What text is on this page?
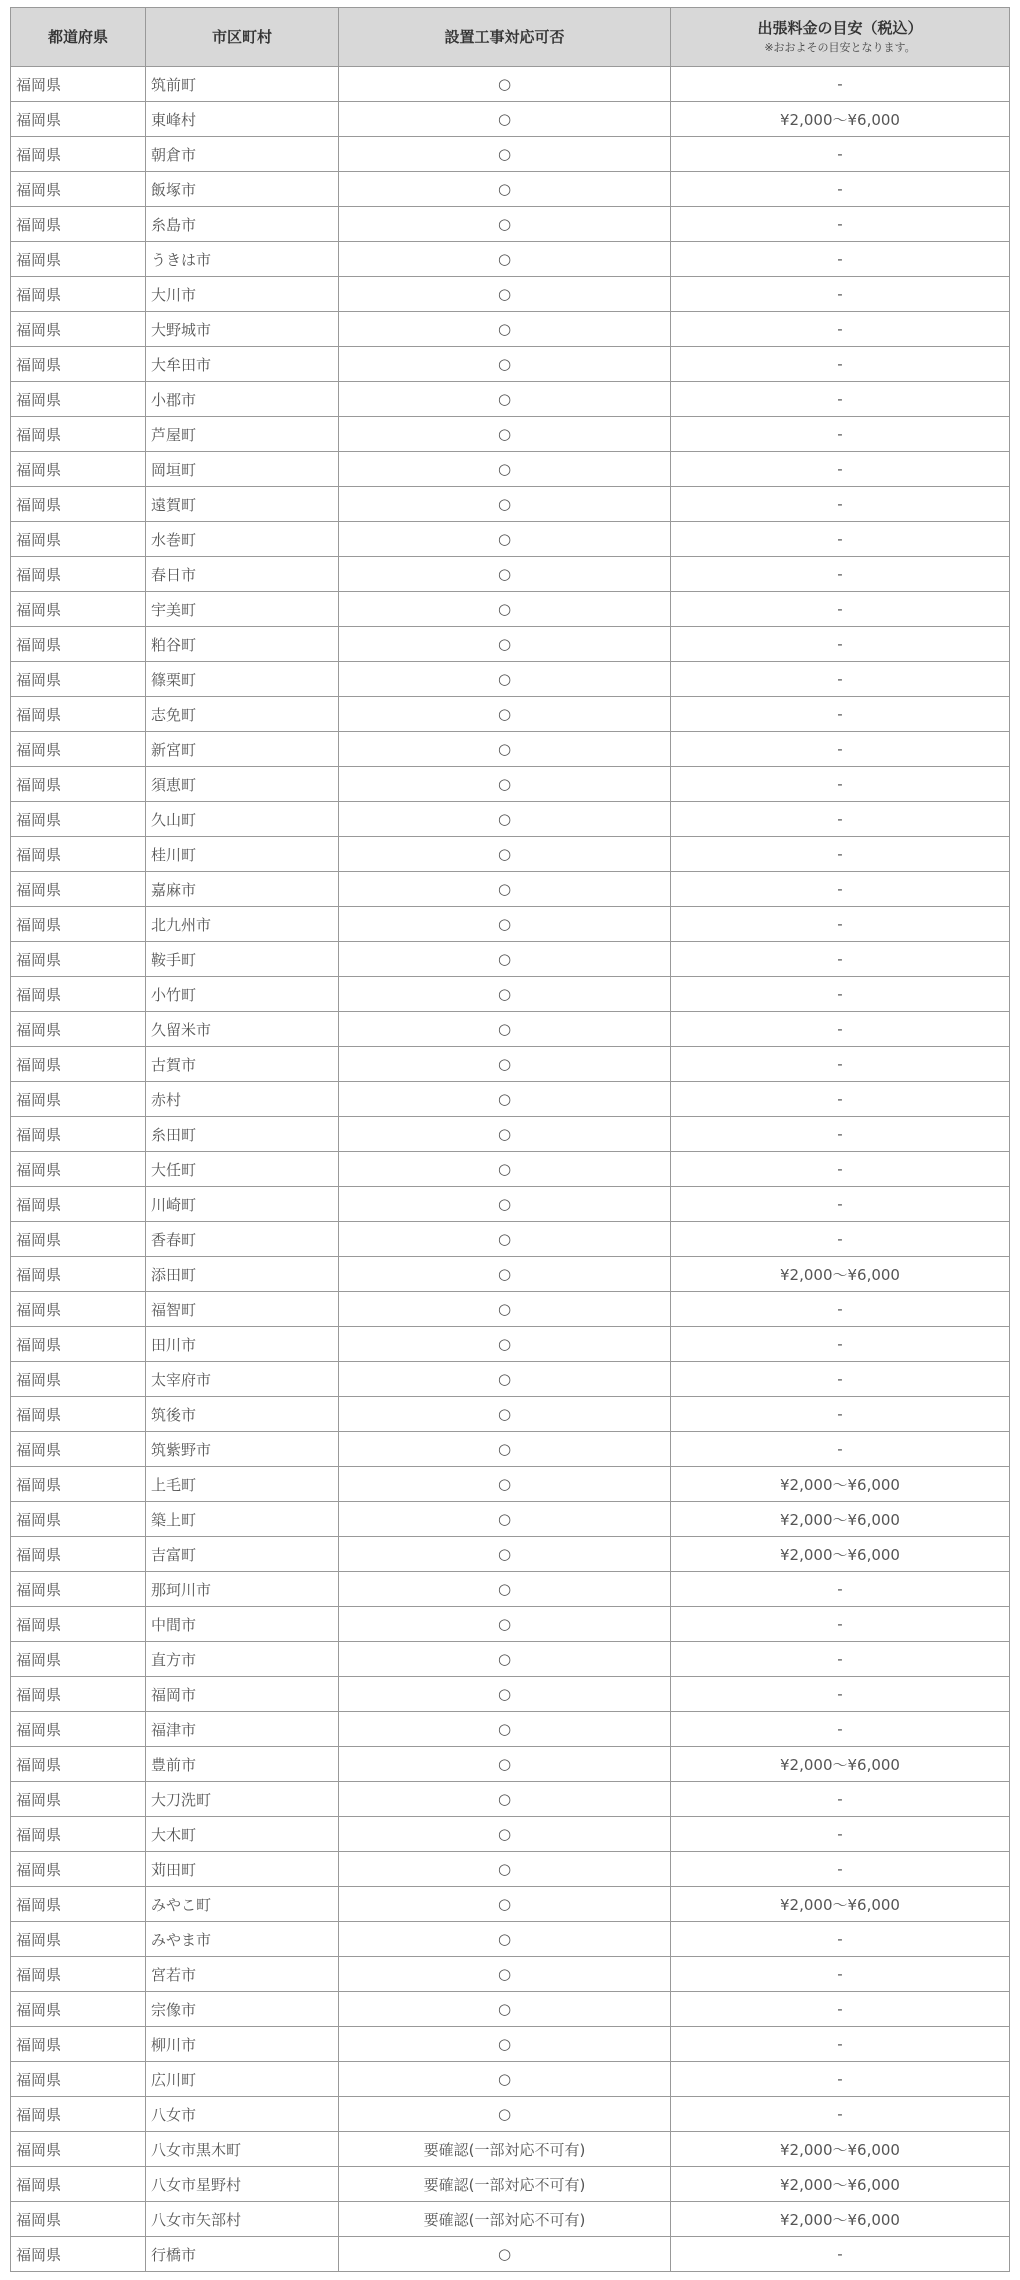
都道府県	市区町村	設置工事対応可否	出張料金の目安（税込）
※おおよその目安となります。

福岡県	筑前町	○	-
福岡県	東峰村	○	¥2,000～¥6,000
福岡県	朝倉市	○	-
福岡県	飯塚市	○	-
福岡県	糸島市	○	-
福岡県	うきは市	○	-
福岡県	大川市	○	-
福岡県	大野城市	○	-
福岡県	大牟田市	○	-
福岡県	小郡市	○	-
福岡県	芦屋町	○	-
福岡県	岡垣町	○	-
福岡県	遠賀町	○	-
福岡県	水巻町	○	-
福岡県	春日市	○	-
福岡県	宇美町	○	-
福岡県	粕谷町	○	-
福岡県	篠栗町	○	-
福岡県	志免町	○	-
福岡県	新宮町	○	-
福岡県	須恵町	○	-
福岡県	久山町	○	-
福岡県	桂川町	○	-
福岡県	嘉麻市	○	-
福岡県	北九州市	○	-
福岡県	鞍手町	○	-
福岡県	小竹町	○	-
福岡県	久留米市	○	-
福岡県	古賀市	○	-
福岡県	赤村	○	-
福岡県	糸田町	○	-
福岡県	大任町	○	-
福岡県	川崎町	○	-
福岡県	香春町	○	-
福岡県	添田町	○	¥2,000～¥6,000
福岡県	福智町	○	-
福岡県	田川市	○	-
福岡県	太宰府市	○	-
福岡県	筑後市	○	-
福岡県	筑紫野市	○	-
福岡県	上毛町	○	¥2,000～¥6,000
福岡県	築上町	○	¥2,000～¥6,000
福岡県	吉富町	○	¥2,000～¥6,000
福岡県	那珂川市	○	-
福岡県	中間市	○	-
福岡県	直方市	○	-
福岡県	福岡市	○	-
福岡県	福津市	○	-
福岡県	豊前市	○	¥2,000～¥6,000
福岡県	大刀洗町	○	-
福岡県	大木町	○	-
福岡県	苅田町	○	-
福岡県	みやこ町	○	¥2,000～¥6,000
福岡県	みやま市	○	-
福岡県	宮若市	○	-
福岡県	宗像市	○	-
福岡県	柳川市	○	-
福岡県	広川町	○	-
福岡県	八女市	○	-
福岡県	八女市黒木町	要確認(一部対応不可有)	¥2,000～¥6,000
福岡県	八女市星野村	要確認(一部対応不可有)	¥2,000～¥6,000
福岡県	八女市矢部村	要確認(一部対応不可有)	¥2,000～¥6,000
福岡県	行橋市	○	-
